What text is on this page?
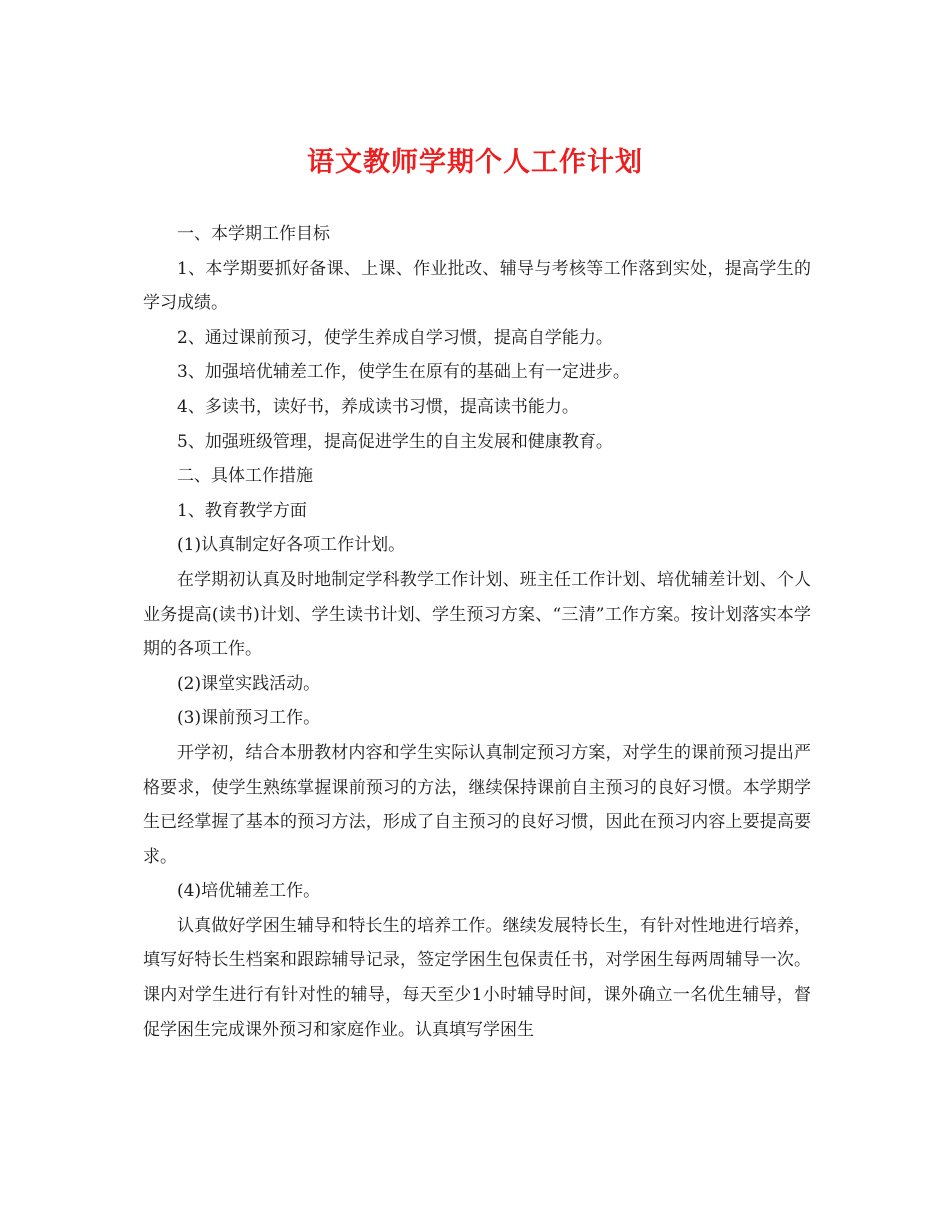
语文教师学期个人工作计划

一、本学期工作目标

1、本学期要抓好备课、上课、作业批改、辅导与考核等工作落到实处，提高学生的学习成绩。

2、通过课前预习，使学生养成自学习惯，提高自学能力。

3、加强培优辅差工作，使学生在原有的基础上有一定进步。

4、多读书，读好书，养成读书习惯，提高读书能力。

5、加强班级管理，提高促进学生的自主发展和健康教育。

二、具体工作措施

1、教育教学方面

(1)认真制定好各项工作计划。

在学期初认真及时地制定学科教学工作计划、班主任工作计划、培优辅差计划、个人业务提高(读书)计划、学生读书计划、学生预习方案、“三清”工作方案。按计划落实本学期的各项工作。

(2)课堂实践活动。

(3)课前预习工作。

开学初，结合本册教材内容和学生实际认真制定预习方案，对学生的课前预习提出严格要求，使学生熟练掌握课前预习的方法，继续保持课前自主预习的良好习惯。本学期学生已经掌握了基本的预习方法，形成了自主预习的良好习惯，因此在预习内容上要提高要求。

(4)培优辅差工作。

认真做好学困生辅导和特长生的培养工作。继续发展特长生，有针对性地进行培养，填写好特长生档案和跟踪辅导记录，签定学困生包保责任书，对学困生每两周辅导一次。课内对学生进行有针对性的辅导，每天至少1小时辅导时间，课外确立一名优生辅导，督促学困生完成课外预习和家庭作业。认真填写学困生
